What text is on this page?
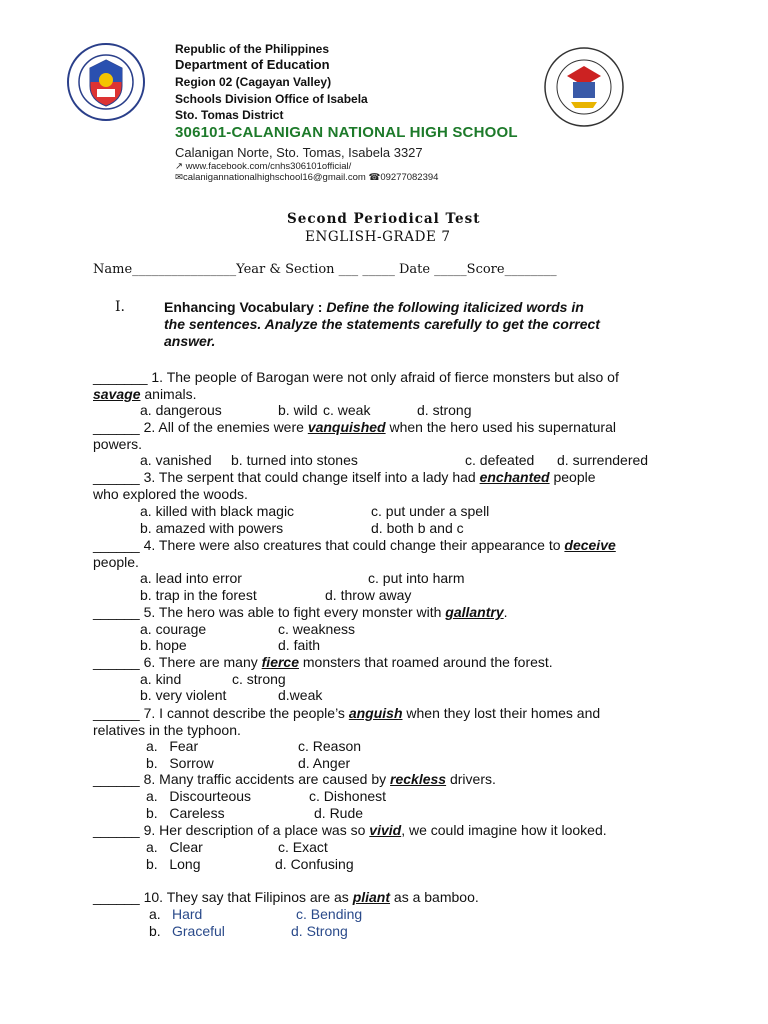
Republic of the Philippines
Department of Education
Region 02 (Cagayan Valley)
Schools Division Office of Isabela
Sto. Tomas District
306101-CALANIGAN NATIONAL HIGH SCHOOL
Calanigan Norte, Sto. Tomas, Isabela 3327
↗ www.facebook.com/cnhs306101official/
✉calanigannationalhighschool16@gmail.com ☎09277082394
Second Periodical Test
ENGLISH-GRADE 7
Name________________Year & Section ___ _____ Date _____Score________
I.	Enhancing Vocabulary : Define the following italicized words in
the sentences. Analyze the statements carefully to get the correct
answer.
_______ 1. The people of Barogan were not only afraid of fierce monsters but also of
savage animals.
a. dangerous	b. wild c. weak	d. strong
______ 2. All of the enemies were vanquished when the hero used his supernatural
powers.
a. vanished b. turned into stones	c. defeated d. surrendered
______ 3. The serpent that could change itself into a lady had enchanted people
who explored the woods.
a. killed with black magic	c. put under a spell
b. amazed with powers	d. both b and c
______ 4. There were also creatures that could change their appearance to deceive
people.
a. lead into error	c. put into harm
b. trap in the forest	d. throw away
______ 5. The hero was able to fight every monster with gallantry.
a. courage	c. weakness
b. hope	d. faith
______ 6. There are many fierce monsters that roamed around the forest.
a. kind	c. strong
b. very violent	d.weak
______ 7. I cannot describe the people’s anguish when they lost their homes and
relatives in the typhoon.
a.   Fear	c. Reason
b.   Sorrow	d. Anger
______ 8. Many traffic accidents are caused by reckless drivers.
a.   Discourteous	c. Dishonest
b.   Careless	d. Rude
______ 9. Her description of a place was so vivid, we could imagine how it looked.
a.   Clear	c. Exact
b.   Long	d. Confusing
______ 10. They say that Filipinos are as pliant as a bamboo.
a. Hard	c. Bending
b. Graceful	d. Strong
